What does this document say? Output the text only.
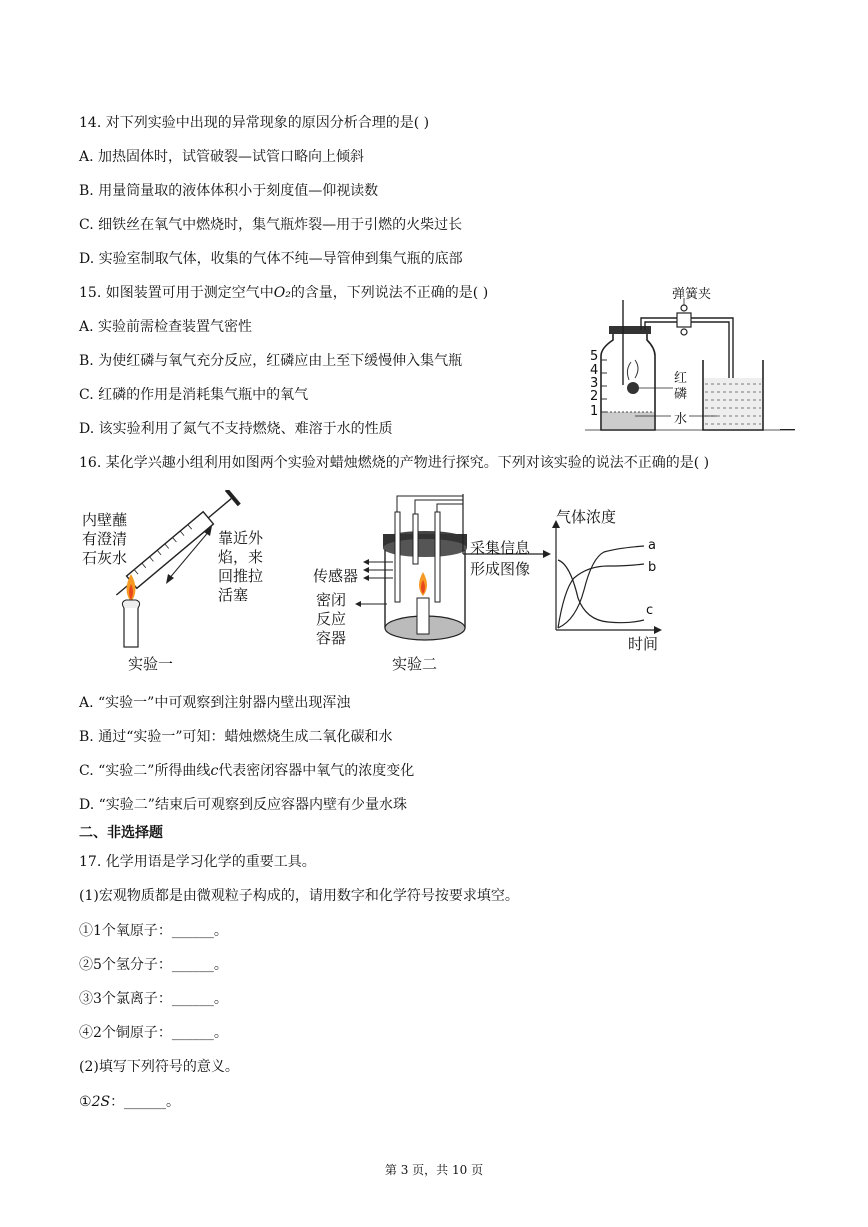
14. 对下列实验中出现的异常现象的原因分析合理的是( )
A. 加热固体时，试管破裂—试管口略向上倾斜
B. 用量筒量取的液体体积小于刻度值—仰视读数
C. 细铁丝在氧气中燃烧时，集气瓶炸裂—用于引燃的火柴过长
D. 实验室制取气体，收集的气体不纯—导管伸到集气瓶的底部
15. 如图装置可用于测定空气中O₂的含量，下列说法不正确的是( )
A. 实验前需检查装置气密性
B. 为使红磷与氧气充分反应，红磷应由上至下缓慢伸入集气瓶
C. 红磷的作用是消耗集气瓶中的氧气
D. 该实验利用了氮气不支持燃烧、难溶于水的性质
弹簧夹
红
磷
水
5
4
3
2
1
16. 某化学兴趣小组利用如图两个实验对蜡烛燃烧的产物进行探究。下列对该实验的说法不正确的是( )
内壁蘸
有澄清
石灰水
靠近外
焰，来
回推拉
活塞
实验一
传感器
密闭
反应
容器
采集信息
形成图像
实验二
气体浓度
时间
a
b
c
A. “实验一”中可观察到注射器内壁出现浑浊
B. 通过“实验一”可知：蜡烛燃烧生成二氧化碳和水
C. “实验二”所得曲线c代表密闭容器中氧气的浓度变化
D. “实验二”结束后可观察到反应容器内壁有少量水珠
二、非选择题
17. 化学用语是学习化学的重要工具。
(1)宏观物质都是由微观粒子构成的，请用数字和化学符号按要求填空。
①1个氧原子：______。
②5个氢分子：______。
③3个氯离子：______。
④2个铜原子：______。
(2)填写下列符号的意义。
①2S：______。
第 3 页，共 10 页
